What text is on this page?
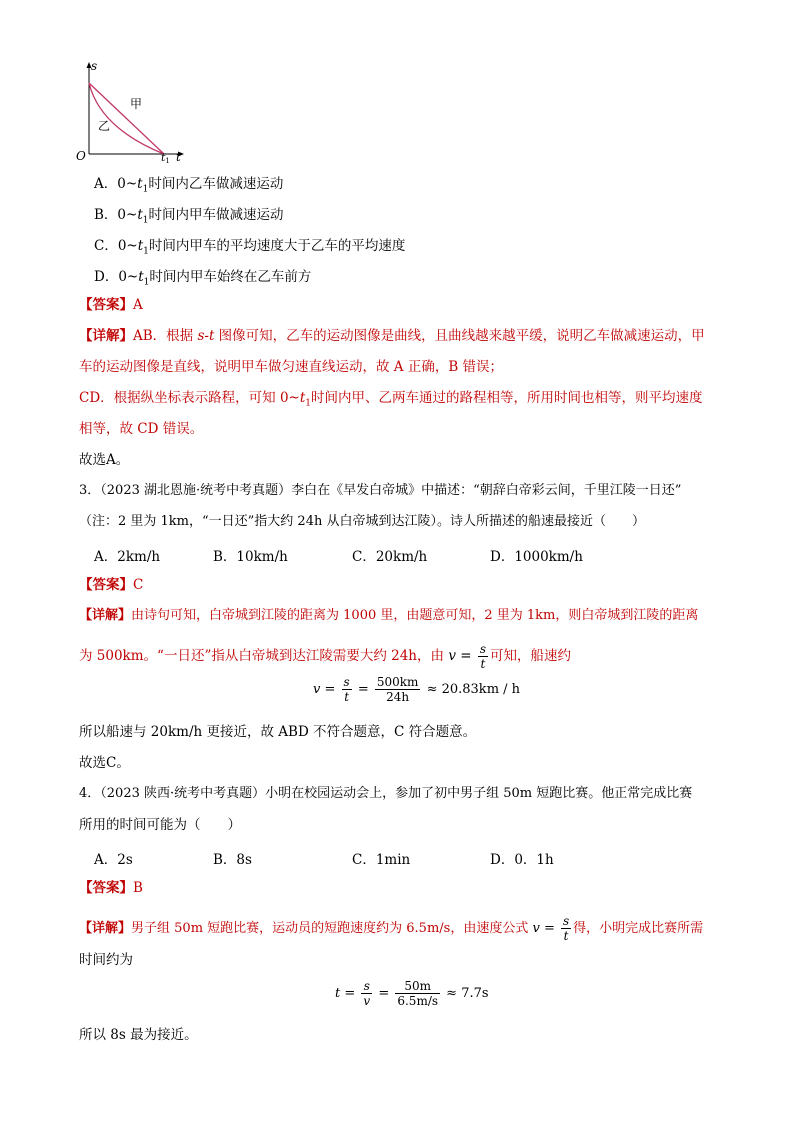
s
O	t
t1
甲
乙
A．$0\sim t_1$时间内乙车做减速运动
B．$0\sim t_1$时间内甲车做减速运动
C．$0\sim t_1$时间内甲车的平均速度大于乙车的平均速度
D．$0\sim t_1$时间内甲车始终在乙车前方
【答案】A
【详解】AB．根据 s-t 图像可知，乙车的运动图像是曲线，且曲线越来越平缓，说明乙车做减速运动，甲
车的运动图像是直线，说明甲车做匀速直线运动，故 A 正确，B 错误；
CD．根据纵坐标表示路程，可知 $0\sim t_1$时间内甲、乙两车通过的路程相等，所用时间也相等，则平均速度
相等，故 CD 错误。
故选A。
3．（2023 湖北恩施·统考中考真题）李白在《早发白帝城》中描述：“朝辞白帝彩云间，千里江陵一日还”
（注：2 里为 1km，“一日还”指大约 24h 从白帝城到达江陵）。诗人所描述的船速最接近（　　）
A．2km/h	B．10km/h	C．20km/h	D．1000km/h
【答案】C
【详解】由诗句可知，白帝城到江陵的距离为 1000 里，由题意可知，2 里为 1km，则白帝城到江陵的距离
为 500km。“一日还”指从白帝城到达江陵需要大约 24h，由 $v = \frac{s}{t}$ 可知，船速约
$v = \frac{s}{t} = \frac{500km}{24h} \approx 20.83km / h$
所以船速与 20km/h 更接近，故 ABD 不符合题意，C 符合题意。
故选C。
4．（2023 陕西·统考中考真题）小明在校园运动会上，参加了初中男子组 50m 短跑比赛。他正常完成比赛
所用的时间可能为（　　）
A．2s	B．8s	C．1min	D．0．1h
【答案】B
【详解】男子组 50m 短跑比赛，运动员的短跑速度约为 6.5m/s，由速度公式 $v = \frac{s}{t}$ 得，小明完成比赛所需
时间约为
$t = \frac{s}{v} = \frac{50m}{6.5m/s} \approx 7.7s$
所以 8s 最为接近。
